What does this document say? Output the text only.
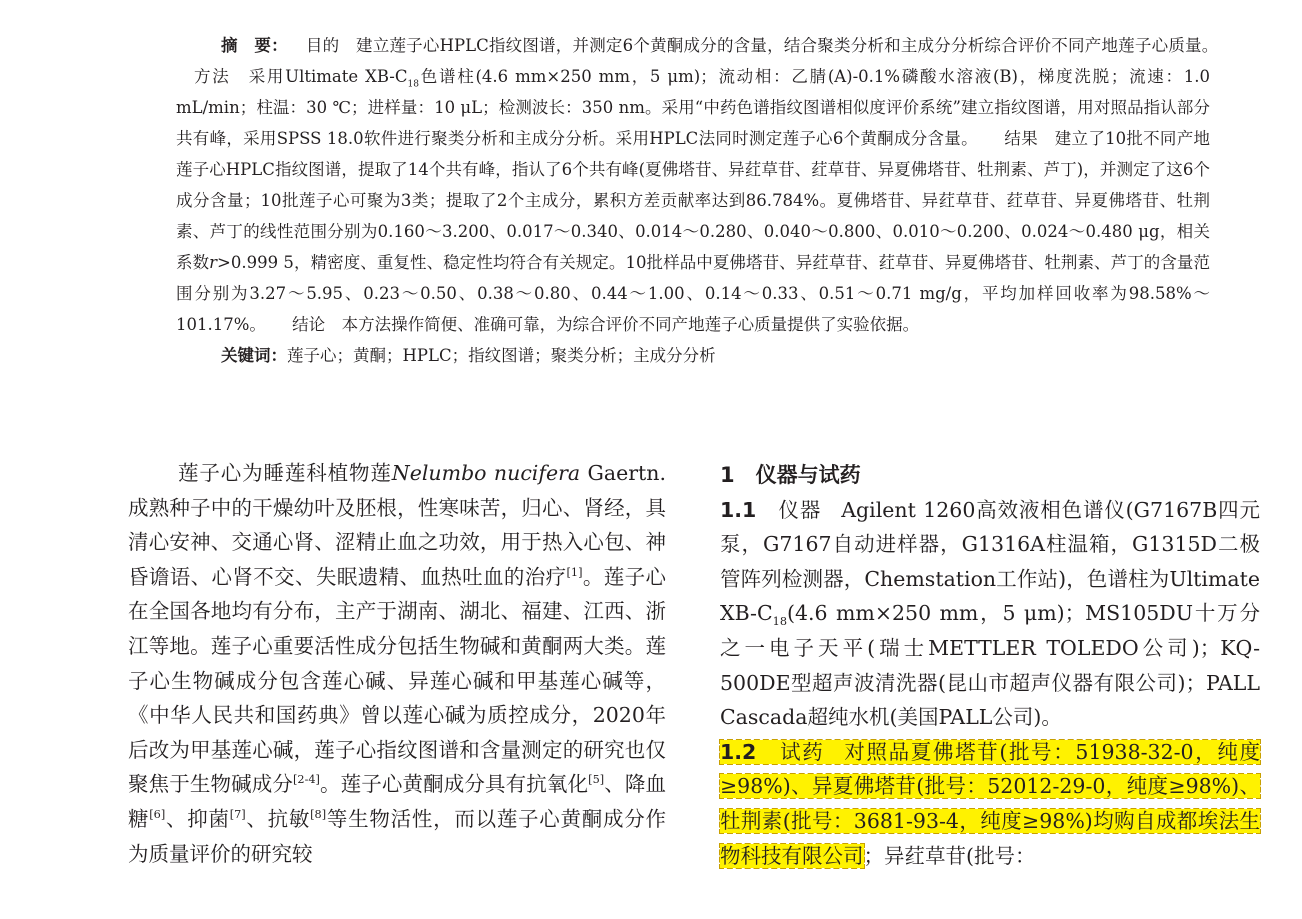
摘　要： 目的　 建立莲子心HPLC指纹图谱，并测定6个黄酮成分的含量，结合聚类分析和主成分分析综合评价不同产地莲子心质量。　方法　 采用Ultimate $XB-C_{18}$色谱柱(4.6 mm×250 mm，5 μm)；流动相：乙腈(A)-0.1%磷酸水溶液(B)，梯度洗脱；流速：1.0 mL/min；柱温：30 ℃；进样量：10 μL；检测波长：350 nm。采用“中药色谱指纹图谱相似度评价系统”建立指纹图谱，用对照品指认部分共有峰，采用SPSS 18.0软件进行聚类分析和主成分分析。采用HPLC法同时测定莲子心6个黄酮成分含量。　 结果　 建立了10批不同产地莲子心HPLC指纹图谱，提取了14个共有峰，指认了6个共有峰(夏佛塔苷、异荭草苷、荭草苷、异夏佛塔苷、牡荆素、芦丁)，并测定了这6个成分含量；10批莲子心可聚为3类；提取了2个主成分，累积方差贡献率达到86.784%。夏佛塔苷、异荭草苷、荭草苷、异夏佛塔苷、牡荆素、芦丁的线性范围分别为0.160～3.200、0.017～0.340、0.014～0.280、0.040～0.800、0.010～0.200、0.024～0.480 μg，相关系数r>0.999 5，精密度、重复性、稳定性均符合有关规定。10批样品中夏佛塔苷、异荭草苷、荭草苷、异夏佛塔苷、牡荆素、芦丁的含量范围分别为3.27～5.95、0.23～0.50、0.38～0.80、0.44～1.00、0.14～0.33、0.51～0.71 mg/g，平均加样回收率为98.58%～101.17%。　 结论　 本方法操作简便、准确可靠，为综合评价不同产地莲子心质量提供了实验依据。

关键词：莲子心；黄酮；HPLC；指纹图谱；聚类分析；主成分分析

莲子心为睡莲科植物莲Nelumbo nucifera Gaertn.成熟种子中的干燥幼叶及胚根，性寒味苦，归心、肾经，具清心安神、交通心肾、涩精止血之功效，用于热入心包、神昏谵语、心肾不交、失眠遗精、血热吐血的治疗[1]。莲子心在全国各地均有分布，主产于湖南、湖北、福建、江西、浙江等地。莲子心重要活性成分包括生物碱和黄酮两大类。莲子心生物碱成分包含莲心碱、异莲心碱和甲基莲心碱等，《中华人民共和国药典》曾以莲心碱为质控成分，2020年后改为甲基莲心碱，莲子心指纹图谱和含量测定的研究也仅聚焦于生物碱成分[2-4]。莲子心黄酮成分具有抗氧化[5]、降血糖[6]、抑菌[7]、抗敏[8]等生物活性，而以莲子心黄酮成分作为质量评价的研究较

1　仪器与试药

1.1　 仪器 Agilent 1260高效液相色谱仪(G7167B四元泵，G7167自动进样器，G1316A柱温箱，G1315D二极管阵列检测器，Chemstation工作站)，色谱柱为Ultimate $XB-C_{18}(4.6$ mm×250 mm，5 μm)；MS105DU十万分之一电子天平(瑞士METTLER TOLEDO公司)；KQ-500DE型超声波清洗器(昆山市超声仪器有限公司)；PALL Cascada超纯水机(美国PALL公司)。

1.2　 试药 对照品夏佛塔苷(批号：51938-32-0，纯度≥98%)、异夏佛塔苷(批号：52012-29-0，纯度≥98%)、牡荆素(批号：3681-93-4，纯度≥98%)均购自成都埃法生物科技有限公司；异荭草苷(批号：
